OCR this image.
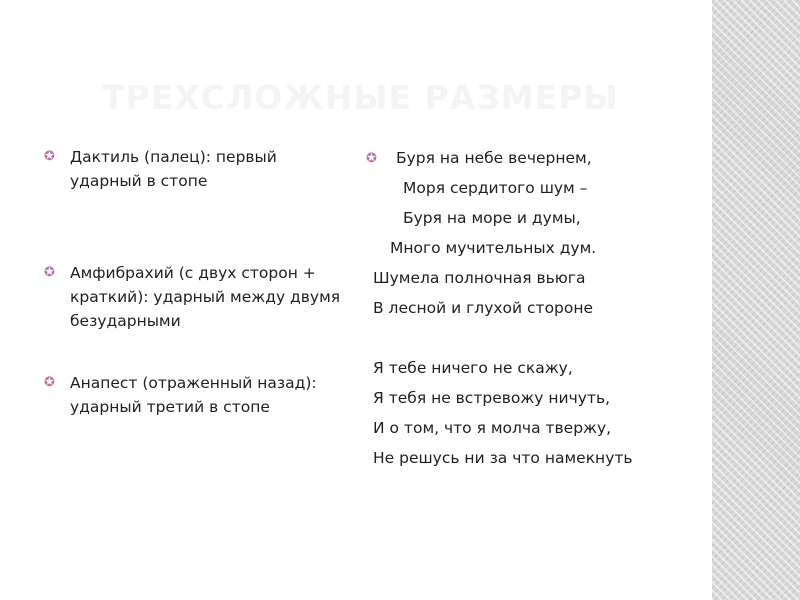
ТРЕХСЛОЖНЫЕ РАЗМЕРЫ
✪ Дактиль (палец): первый ударный в стопе
✪ Амфибрахий (с двух сторон + краткий): ударный между двумя безударными
✪ Анапест (отраженный назад): ударный третий в стопе
✪ Буря на небе вечернем,
Моря сердитого шум –
Буря на море и думы,
Много мучительных дум.
Шумела полночная вьюга
В лесной и глухой стороне
Я тебе ничего не скажу,
Я тебя не встревожу ничуть,
И о том, что я молча твержу,
Не решусь ни за что намекнуть
